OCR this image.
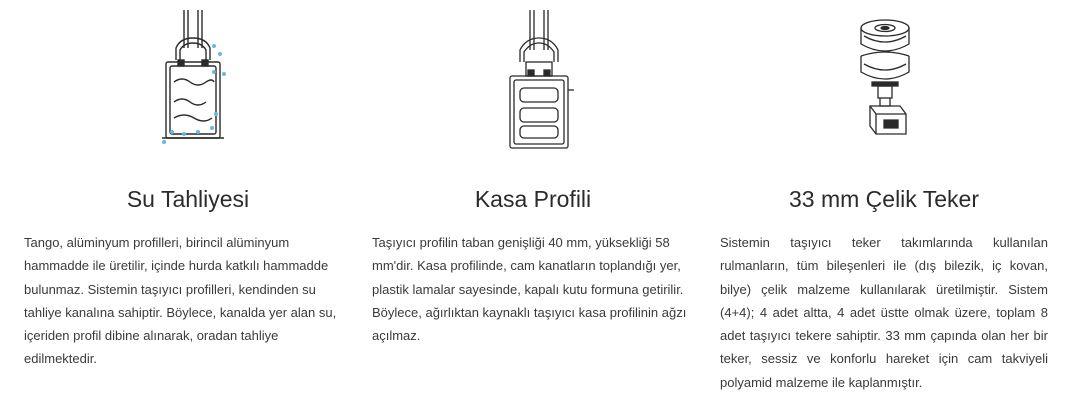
Su Tahliyesi

Tango, alüminyum profilleri, birincil alüminyum hammadde ile üretilir, içinde hurda katkılı hammadde bulunmaz. Sistemin taşıyıcı profilleri, kendinden su tahliye kanalına sahiptir. Böylece, kanalda yer alan su, içeriden profil dibine alınarak, oradan tahliye edilmektedir.

Kasa Profili

Taşıyıcı profilin taban genişliği 40 mm, yüksekliği 58 mm'dir. Kasa profilinde, cam kanatların toplandığı yer, plastik lamalar sayesinde, kapalı kutu formuna getirilir. Böylece, ağırlıktan kaynaklı taşıyıcı kasa profilinin ağzı açılmaz.

33 mm Çelik Teker

Sistemin taşıyıcı teker takımlarında kullanılan rulmanların, tüm bileşenleri ile (dış bilezik, iç kovan, bilye) çelik malzeme kullanılarak üretilmiştir. Sistem (4+4); 4 adet altta, 4 adet üstte olmak üzere, toplam 8 adet taşıyıcı tekere sahiptir. 33 mm çapında olan her bir teker, sessiz ve konforlu hareket için cam takviyeli polyamid malzeme ile kaplanmıştır.
